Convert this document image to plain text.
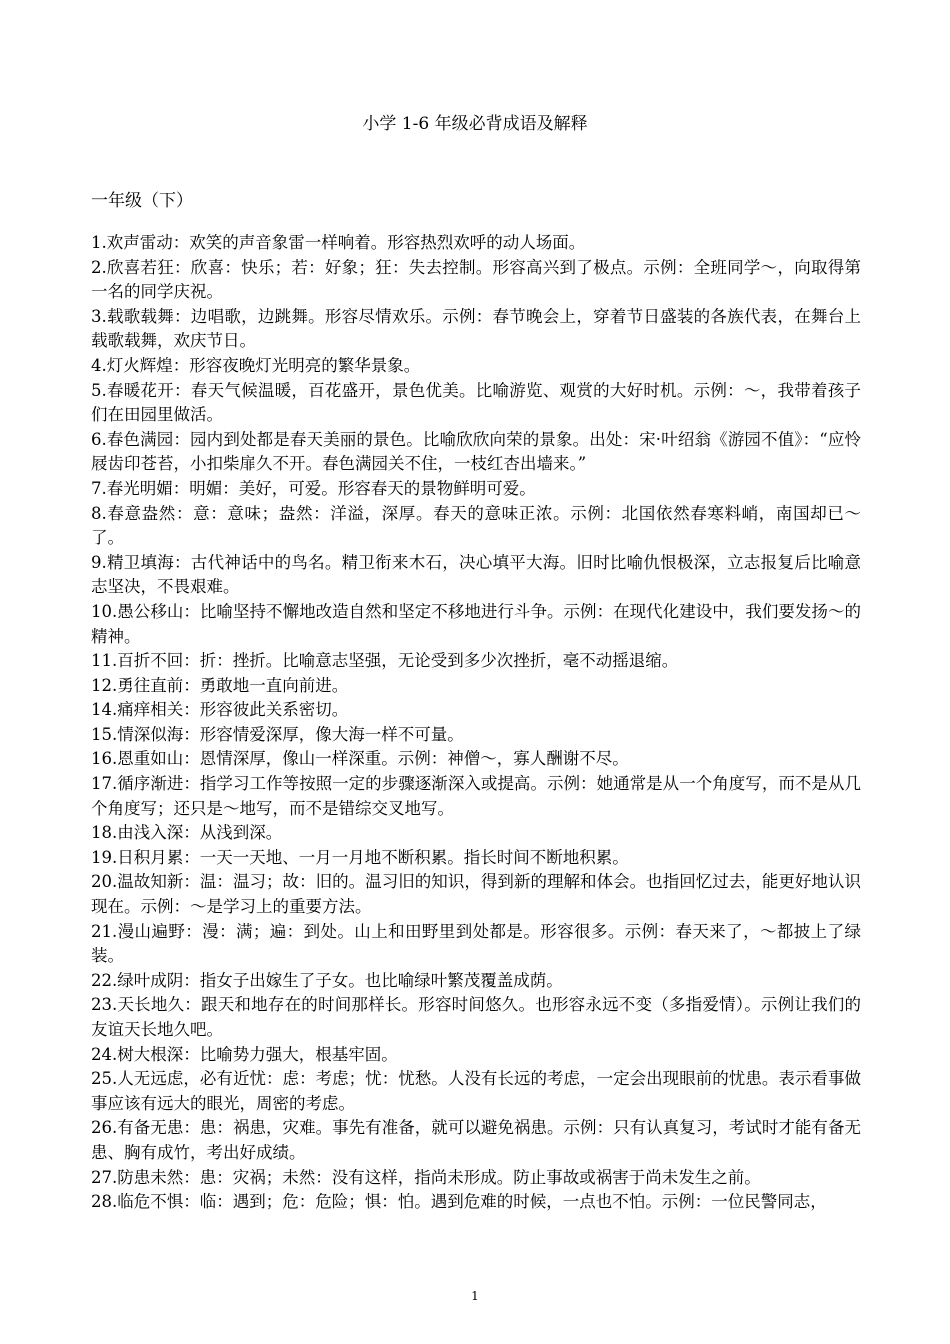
小学 1-6 年级必背成语及解释
一年级（下）
1.欢声雷动：欢笑的声音象雷一样响着。形容热烈欢呼的动人场面。
2.欣喜若狂：欣喜：快乐；若：好象；狂：失去控制。形容高兴到了极点。示例：全班同学～，向取得第一名的同学庆祝。
3.载歌载舞：边唱歌，边跳舞。形容尽情欢乐。示例：春节晚会上，穿着节日盛装的各族代表，在舞台上载歌载舞，欢庆节日。
4.灯火辉煌：形容夜晚灯光明亮的繁华景象。
5.春暖花开：春天气候温暖，百花盛开，景色优美。比喻游览、观赏的大好时机。示例：～，我带着孩子们在田园里做活。
6.春色满园：园内到处都是春天美丽的景色。比喻欣欣向荣的景象。出处：宋·叶绍翁《游园不值》：“应怜屐齿印苍苔，小扣柴扉久不开。春色满园关不住，一枝红杏出墙来。”
7.春光明媚：明媚：美好，可爱。形容春天的景物鲜明可爱。
8.春意盎然：意：意味；盎然：洋溢，深厚。春天的意味正浓。示例：北国依然春寒料峭，南国却已～了。
9.精卫填海：古代神话中的鸟名。精卫衔来木石，决心填平大海。旧时比喻仇恨极深，立志报复后比喻意志坚决，不畏艰难。
10.愚公移山：比喻坚持不懈地改造自然和坚定不移地进行斗争。示例：在现代化建设中，我们要发扬～的精神。
11.百折不回：折：挫折。比喻意志坚强，无论受到多少次挫折，毫不动摇退缩。
12.勇往直前：勇敢地一直向前进。
14.痛痒相关：形容彼此关系密切。
15.情深似海：形容情爱深厚，像大海一样不可量。
16.恩重如山：恩情深厚，像山一样深重。示例：神僧～，寡人酬谢不尽。
17.循序渐进：指学习工作等按照一定的步骤逐渐深入或提高。示例：她通常是从一个角度写，而不是从几个角度写；还只是～地写，而不是错综交叉地写。
18.由浅入深：从浅到深。
19.日积月累：一天一天地、一月一月地不断积累。指长时间不断地积累。
20.温故知新：温：温习；故：旧的。温习旧的知识，得到新的理解和体会。也指回忆过去，能更好地认识现在。示例：～是学习上的重要方法。
21.漫山遍野：漫：满；遍：到处。山上和田野里到处都是。形容很多。示例：春天来了，～都披上了绿装。
22.绿叶成阴：指女子出嫁生了子女。也比喻绿叶繁茂覆盖成荫。
23.天长地久：跟天和地存在的时间那样长。形容时间悠久。也形容永远不变（多指爱情）。示例让我们的友谊天长地久吧。
24.树大根深：比喻势力强大，根基牢固。
25.人无远虑，必有近忧：虑：考虑；忧：忧愁。人没有长远的考虑，一定会出现眼前的忧患。表示看事做事应该有远大的眼光，周密的考虑。
26.有备无患：患：祸患，灾难。事先有准备，就可以避免祸患。示例：只有认真复习，考试时才能有备无患、胸有成竹，考出好成绩。
27.防患未然：患：灾祸；未然：没有这样，指尚未形成。防止事故或祸害于尚未发生之前。
28.临危不惧：临：遇到；危：危险；惧：怕。遇到危难的时候，一点也不怕。示例：一位民警同志，
1
